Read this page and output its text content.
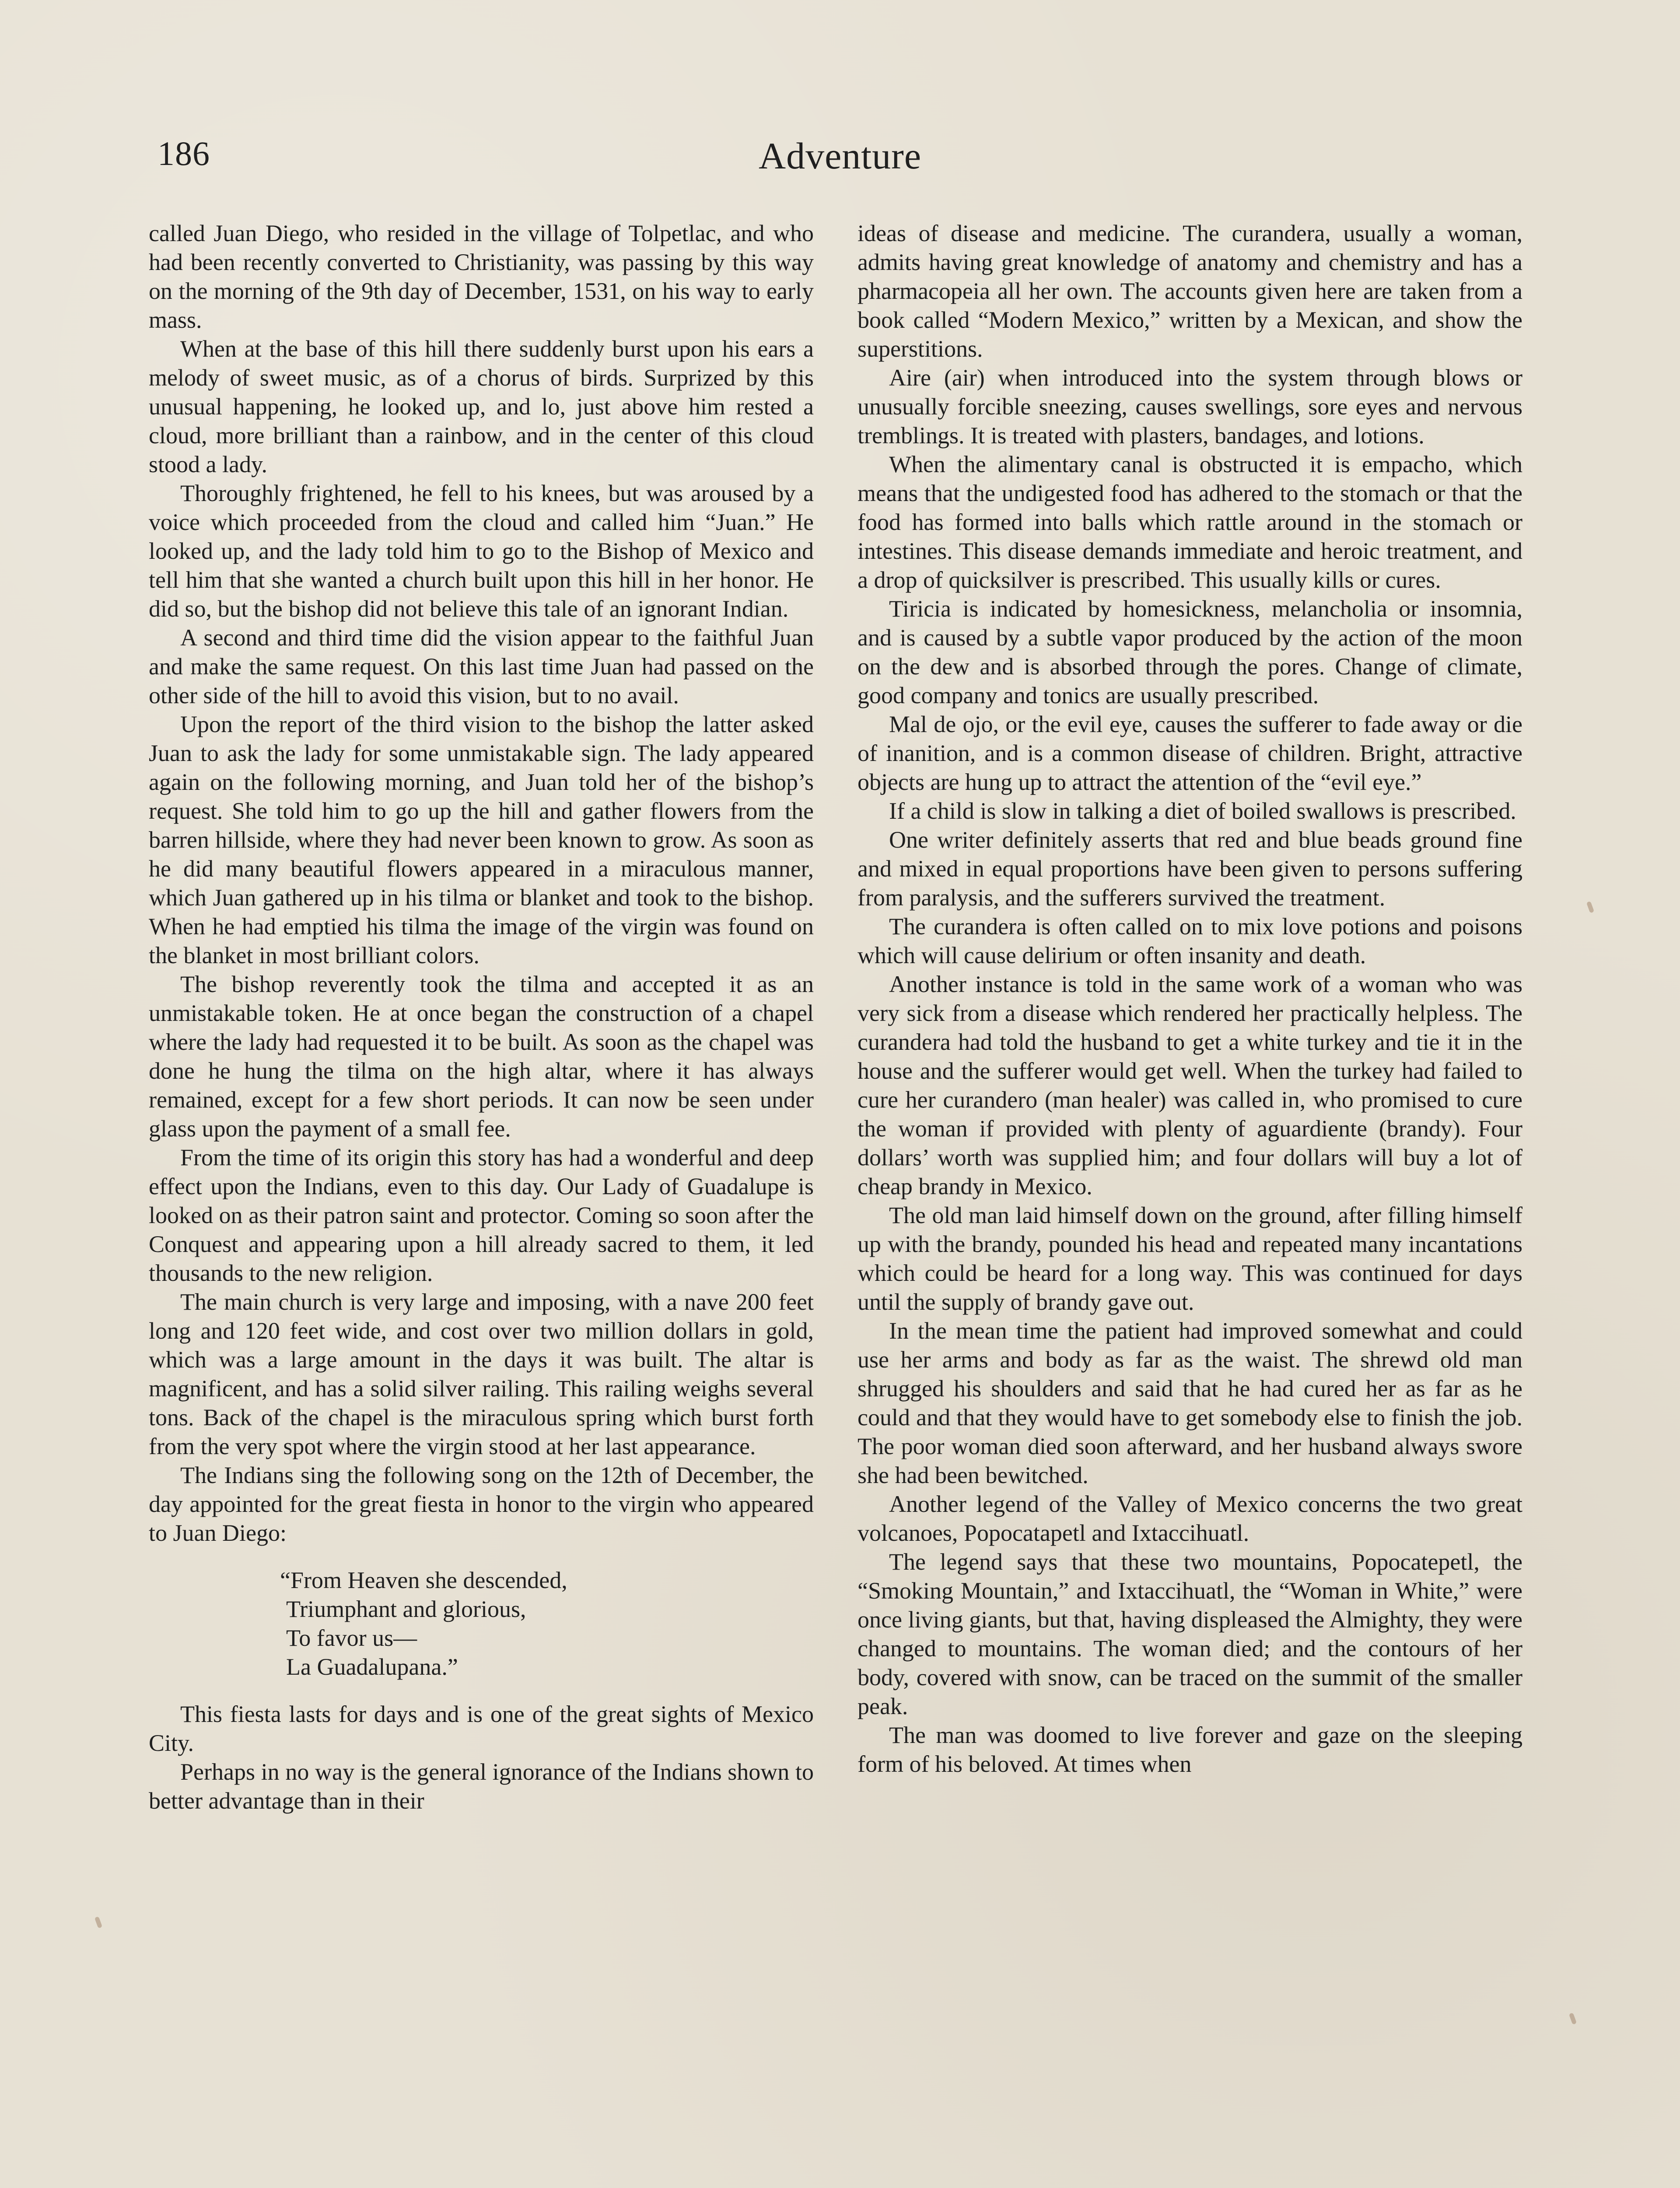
186	Adventure

called Juan Diego, who resided in the village of Tolpetlac, and who had been recently converted to Christianity, was passing by this way on the morning of the 9th day of December, 1531, on his way to early mass.

When at the base of this hill there suddenly burst upon his ears a melody of sweet music, as of a chorus of birds. Surprized by this unusual happening, he looked up, and lo, just above him rested a cloud, more brilliant than a rainbow, and in the center of this cloud stood a lady.

Thoroughly frightened, he fell to his knees, but was aroused by a voice which proceeded from the cloud and called him “Juan.” He looked up, and the lady told him to go to the Bishop of Mexico and tell him that she wanted a church built upon this hill in her honor. He did so, but the bishop did not believe this tale of an ignorant Indian.

A second and third time did the vision appear to the faithful Juan and make the same request. On this last time Juan had passed on the other side of the hill to avoid this vision, but to no avail.

Upon the report of the third vision to the bishop the latter asked Juan to ask the lady for some unmistakable sign. The lady appeared again on the following morning, and Juan told her of the bishop’s request. She told him to go up the hill and gather flowers from the barren hillside, where they had never been known to grow. As soon as he did many beautiful flowers appeared in a miraculous manner, which Juan gathered up in his tilma or blanket and took to the bishop. When he had emptied his tilma the image of the virgin was found on the blanket in most brilliant colors.

The bishop reverently took the tilma and accepted it as an unmistakable token. He at once began the construction of a chapel where the lady had requested it to be built. As soon as the chapel was done he hung the tilma on the high altar, where it has always remained, except for a few short periods. It can now be seen under glass upon the payment of a small fee.

From the time of its origin this story has had a wonderful and deep effect upon the Indians, even to this day. Our Lady of Guadalupe is looked on as their patron saint and protector. Coming so soon after the Conquest and appearing upon a hill already sacred to them, it led thousands to the new religion.

The main church is very large and imposing, with a nave 200 feet long and 120 feet wide, and cost over two million dollars in gold, which was a large amount in the days it was built. The altar is magnificent, and has a solid silver railing. This railing weighs several tons. Back of the chapel is the miraculous spring which burst forth from the very spot where the virgin stood at her last appearance.

The Indians sing the following song on the 12th of December, the day appointed for the great fiesta in honor to the virgin who appeared to Juan Diego:

“From Heaven she descended,
Triumphant and glorious,
To favor us—
La Guadalupana.”

This fiesta lasts for days and is one of the great sights of Mexico City.

Perhaps in no way is the general ignorance of the Indians shown to better advantage than in their

ideas of disease and medicine. The curandera, usually a woman, admits having great knowledge of anatomy and chemistry and has a pharmacopeia all her own. The accounts given here are taken from a book called “Modern Mexico,” written by a Mexican, and show the superstitions.

Aire (air) when introduced into the system through blows or unusually forcible sneezing, causes swellings, sore eyes and nervous tremblings. It is treated with plasters, bandages, and lotions.

When the alimentary canal is obstructed it is empacho, which means that the undigested food has adhered to the stomach or that the food has formed into balls which rattle around in the stomach or intestines. This disease demands immediate and heroic treatment, and a drop of quicksilver is prescribed. This usually kills or cures.

Tiricia is indicated by homesickness, melancholia or insomnia, and is caused by a subtle vapor produced by the action of the moon on the dew and is absorbed through the pores. Change of climate, good company and tonics are usually prescribed.

Mal de ojo, or the evil eye, causes the sufferer to fade away or die of inanition, and is a common disease of children. Bright, attractive objects are hung up to attract the attention of the “evil eye.”

If a child is slow in talking a diet of boiled swallows is prescribed.

One writer definitely asserts that red and blue beads ground fine and mixed in equal proportions have been given to persons suffering from paralysis, and the sufferers survived the treatment.

The curandera is often called on to mix love potions and poisons which will cause delirium or often insanity and death.

Another instance is told in the same work of a woman who was very sick from a disease which rendered her practically helpless. The curandera had told the husband to get a white turkey and tie it in the house and the sufferer would get well. When the turkey had failed to cure her curandero (man healer) was called in, who promised to cure the woman if provided with plenty of aguardiente (brandy). Four dollars’ worth was supplied him; and four dollars will buy a lot of cheap brandy in Mexico.

The old man laid himself down on the ground, after filling himself up with the brandy, pounded his head and repeated many incantations which could be heard for a long way. This was continued for days until the supply of brandy gave out.

In the mean time the patient had improved somewhat and could use her arms and body as far as the waist. The shrewd old man shrugged his shoulders and said that he had cured her as far as he could and that they would have to get somebody else to finish the job. The poor woman died soon afterward, and her husband always swore she had been bewitched.

Another legend of the Valley of Mexico concerns the two great volcanoes, Popocatapetl and Ixtaccihuatl.

The legend says that these two mountains, Popocatepetl, the “Smoking Mountain,” and Ixtaccihuatl, the “Woman in White,” were once living giants, but that, having displeased the Almighty, they were changed to mountains. The woman died; and the contours of her body, covered with snow, can be traced on the summit of the smaller peak.

The man was doomed to live forever and gaze on the sleeping form of his beloved. At times when
